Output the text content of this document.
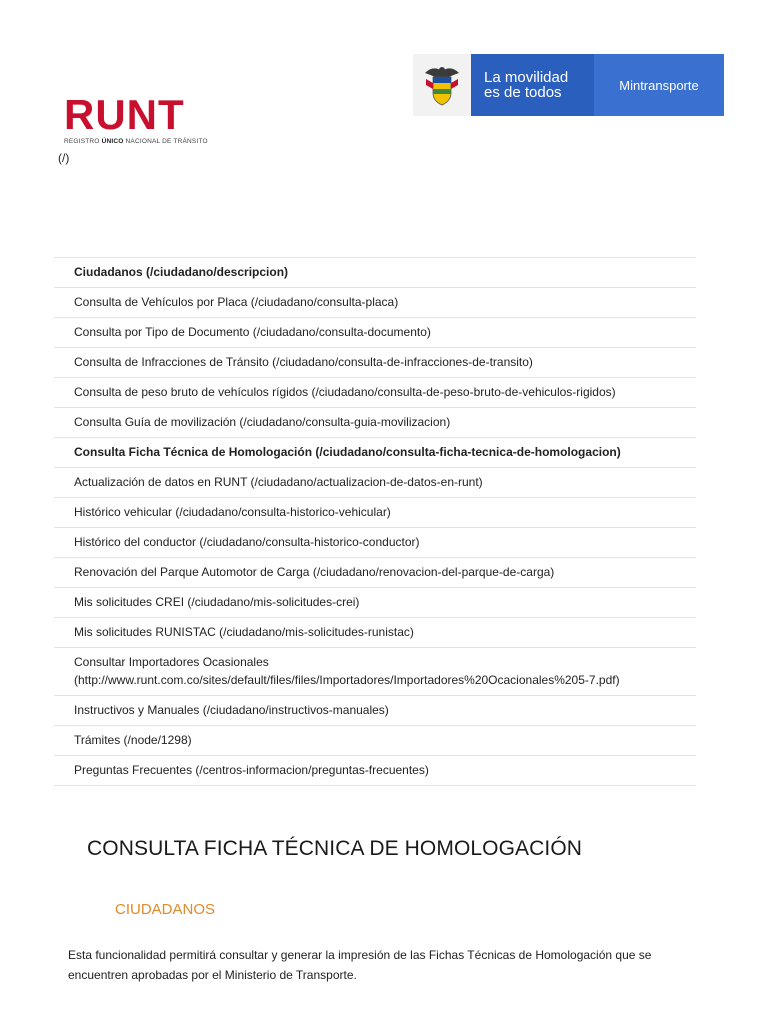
RUNT
REGISTRO ÚNICO NACIONAL DE TRÁNSITO
(/)
La movilidad
es de todos	Mintransporte
Ciudadanos (/ciudadano/descripcion)
Consulta de Vehículos por Placa (/ciudadano/consulta-placa)
Consulta por Tipo de Documento (/ciudadano/consulta-documento)
Consulta de Infracciones de Tránsito (/ciudadano/consulta-de-infracciones-de-transito)
Consulta de peso bruto de vehículos rígidos (/ciudadano/consulta-de-peso-bruto-de-vehiculos-rigidos)
Consulta Guía de movilización (/ciudadano/consulta-guia-movilizacion)
Consulta Ficha Técnica de Homologación (/ciudadano/consulta-ficha-tecnica-de-homologacion)
Actualización de datos en RUNT (/ciudadano/actualizacion-de-datos-en-runt)
Histórico vehicular (/ciudadano/consulta-historico-vehicular)
Histórico del conductor (/ciudadano/consulta-historico-conductor)
Renovación del Parque Automotor de Carga (/ciudadano/renovacion-del-parque-de-carga)
Mis solicitudes CREI (/ciudadano/mis-solicitudes-crei)
Mis solicitudes RUNISTAC (/ciudadano/mis-solicitudes-runistac)
Consultar Importadores Ocasionales
(http://www.runt.com.co/sites/default/files/files/Importadores/Importadores%20Ocacionales%205-7.pdf)
Instructivos y Manuales (/ciudadano/instructivos-manuales)
Trámites (/node/1298)
Preguntas Frecuentes (/centros-informacion/preguntas-frecuentes)
CONSULTA FICHA TÉCNICA DE HOMOLOGACIÓN
CIUDADANOS

Esta funcionalidad permitirá consultar y generar la impresión de las Fichas Técnicas de Homologación que se encuentren aprobadas por el Ministerio de Transporte.
